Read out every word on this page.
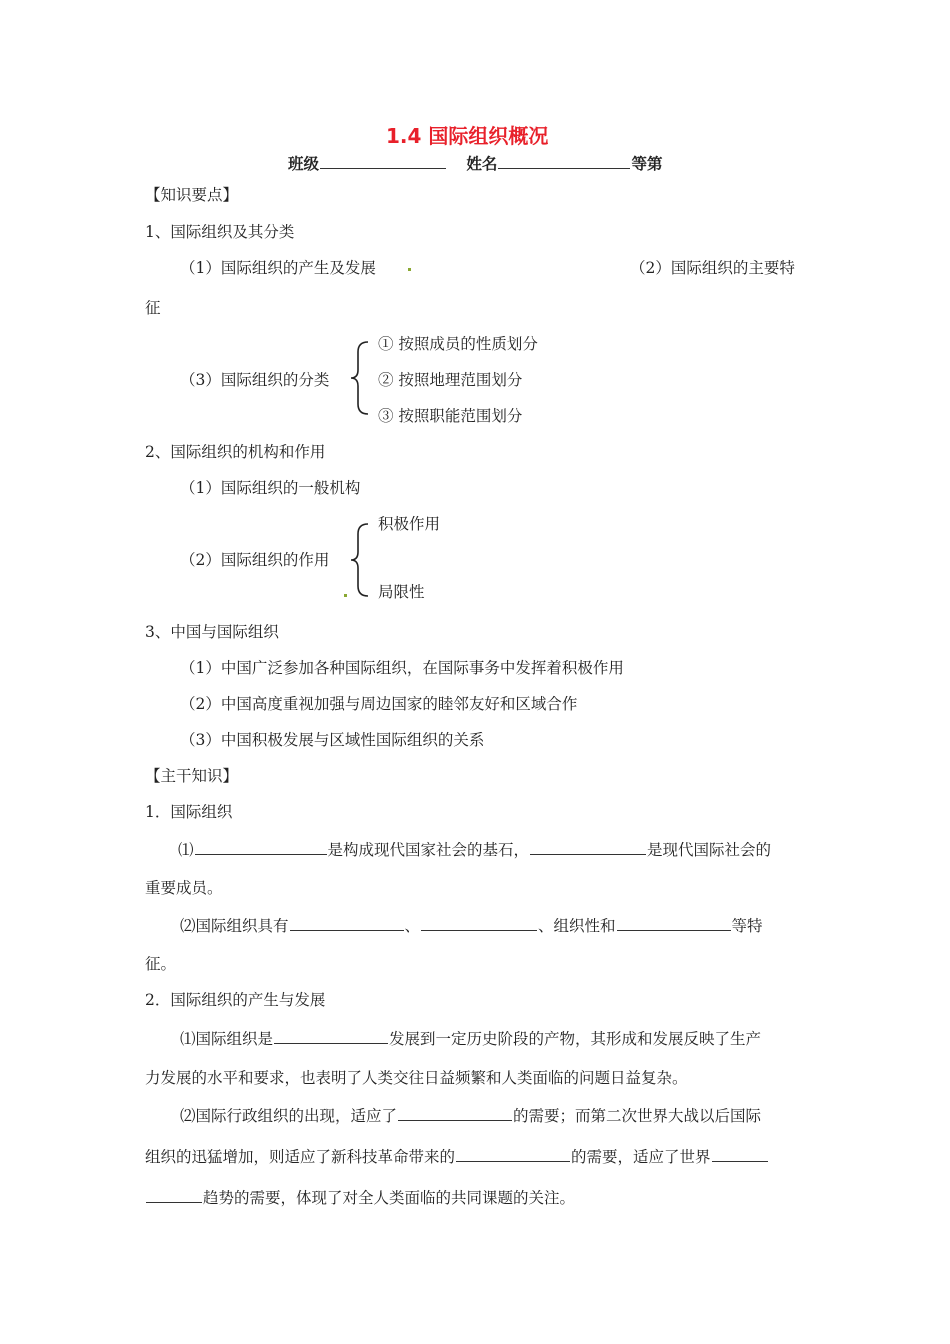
1.4 国际组织概况
班级	姓名	等第
【知识要点】
1、国际组织及其分类
（1）国际组织的产生及发展	（2）国际组织的主要特
征
（3）国际组织的分类
① 按照成员的性质划分
② 按照地理范围划分
③ 按照职能范围划分
2、国际组织的机构和作用
（1）国际组织的一般机构
（2）国际组织的作用
积极作用
局限性
3、中国与国际组织
（1）中国广泛参加各种国际组织，在国际事务中发挥着积极作用
（2）中国高度重视加强与周边国家的睦邻友好和区域合作
（3）中国积极发展与区域性国际组织的关系
【主干知识】
1．国际组织
⑴	是构成现代国家社会的基石，	是现代国际社会的
重要成员。
⑵国际组织具有	、	、组织性和	等特
征。
2．国际组织的产生与发展
⑴国际组织是	发展到一定历史阶段的产物，其形成和发展反映了生产
力发展的水平和要求，也表明了人类交往日益频繁和人类面临的问题日益复杂。
⑵国际行政组织的出现，适应了	的需要；而第二次世界大战以后国际
组织的迅猛增加，则适应了新科技革命带来的	的需要，适应了世界
趋势的需要，体现了对全人类面临的共同课题的关注。
